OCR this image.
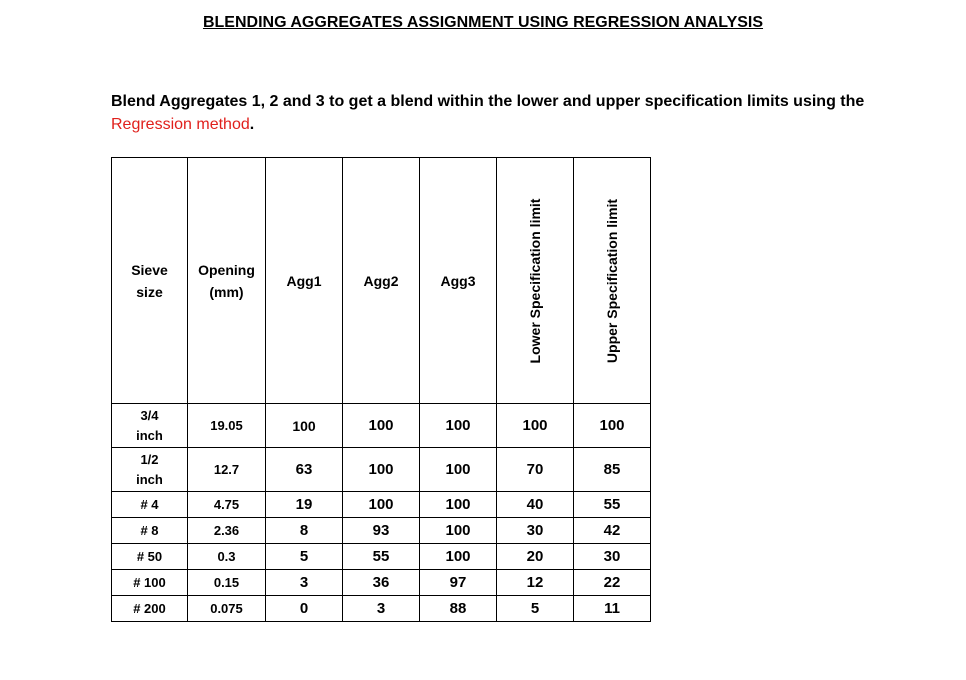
BLENDING AGGREGATES ASSIGNMENT USING REGRESSION ANALYSIS
Blend Aggregates 1, 2 and 3 to get a blend within the lower and upper specification limits using the Regression method.
Sieve size	Opening (mm)	Agg1	Agg2	Agg3	Lower Specification limit	Upper Specification limit

3/4 inch	19.05	100	100	100	100	100

1/2 inch	12.7	63	100	100	70	85
# 4	4.75	19	100	100	40	55
# 8	2.36	8	93	100	30	42
# 50	0.3	5	55	100	20	30
# 100	0.15	3	36	97	12	22
# 200	0.075	0	3	88	5	11
